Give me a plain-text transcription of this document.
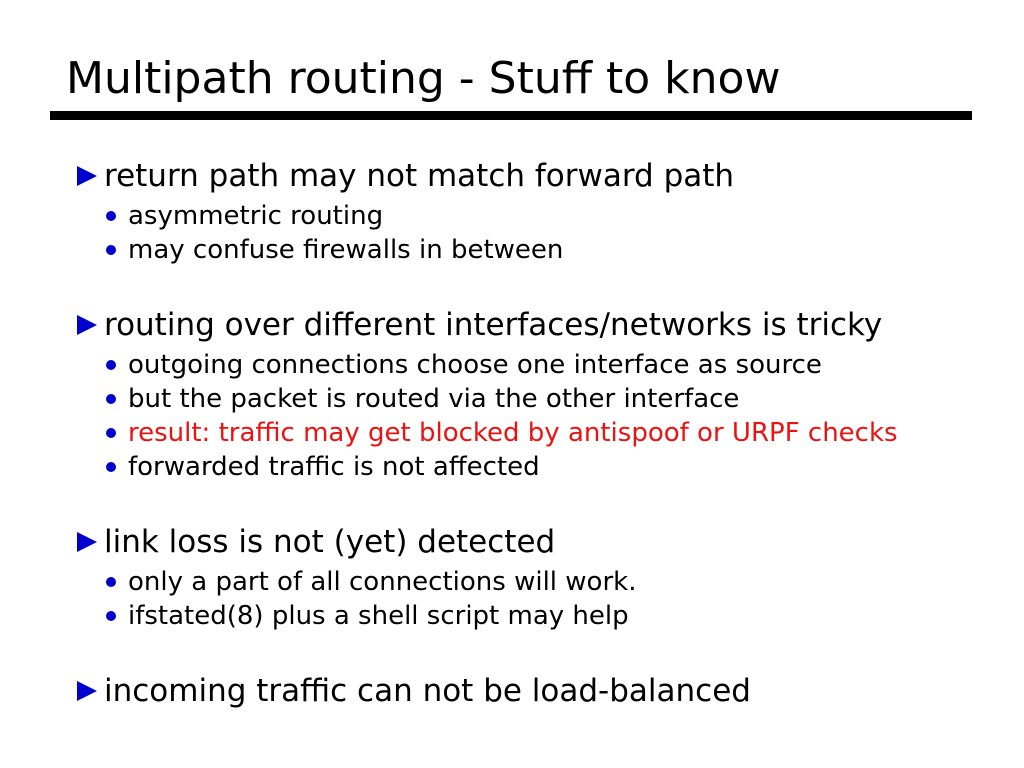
Multipath routing - Stuff to know
return path may not match forward path
asymmetric routing
may confuse firewalls in between
routing over different interfaces/networks is tricky
outgoing connections choose one interface as source
but the packet is routed via the other interface
result: traffic may get blocked by antispoof or URPF checks
forwarded traffic is not affected
link loss is not (yet) detected
only a part of all connections will work.
ifstated(8) plus a shell script may help
incoming traffic can not be load-balanced
